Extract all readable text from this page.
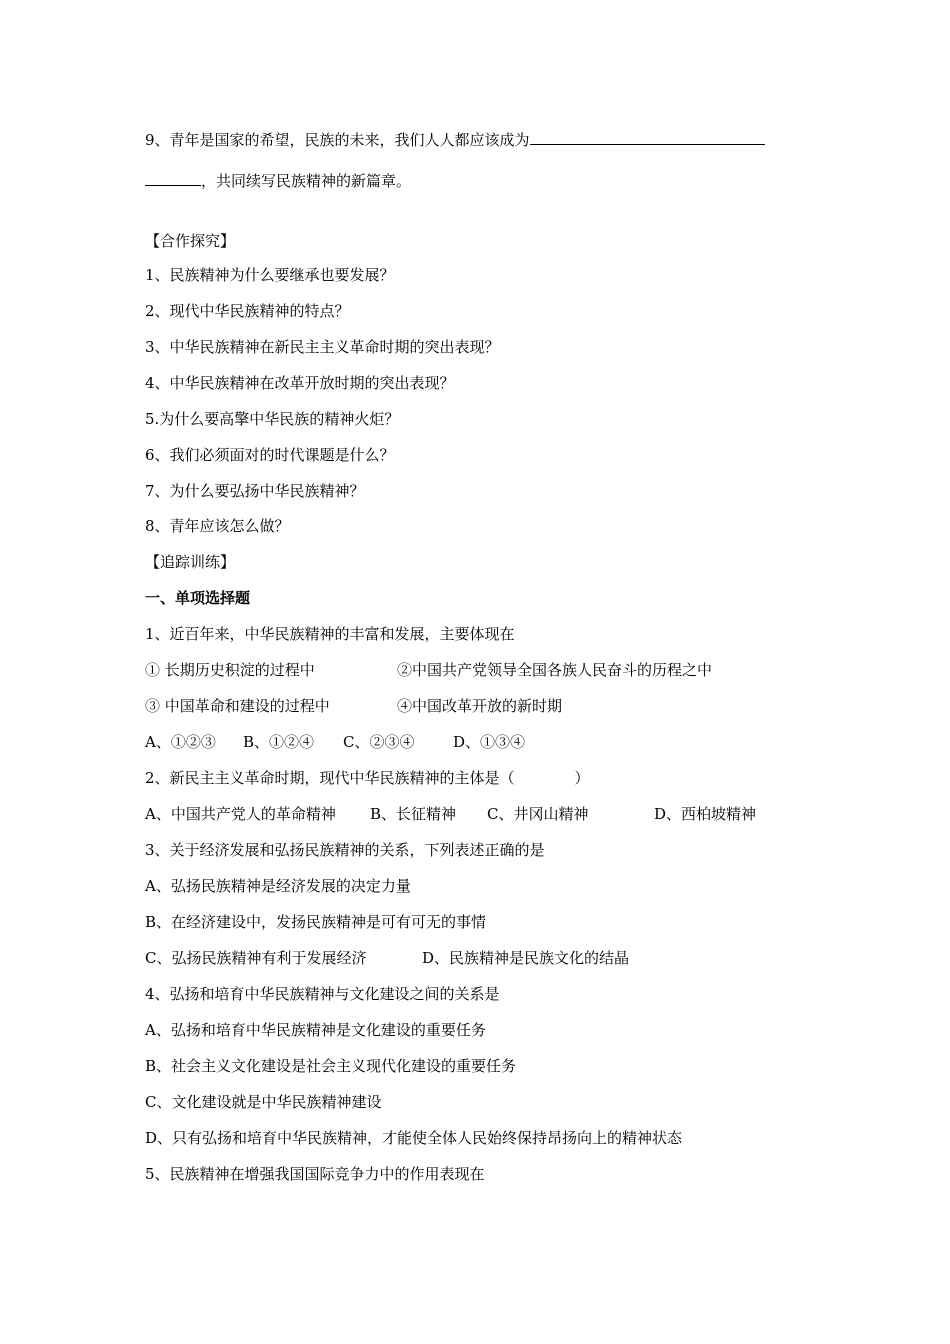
9、青年是国家的希望，民族的未来，我们人人都应该成为
，共同续写民族精神的新篇章。
【合作探究】
1、民族精神为什么要继承也要发展？
2、现代中华民族精神的特点？
3、中华民族精神在新民主主义革命时期的突出表现？
4、中华民族精神在改革开放时期的突出表现？
5.为什么要高擎中华民族的精神火炬？
6、我们必须面对的时代课题是什么？
7、为什么要弘扬中华民族精神？
8、青年应该怎么做？
【追踪训练】
一、单项选择题
1、近百年来，中华民族精神的丰富和发展，主要体现在
① 长期历史积淀的过程中	②中国共产党领导全国各族人民奋斗的历程之中
③ 中国革命和建设的过程中	④中国改革开放的新时期
A、①②③ B、①②④ C、②③④	D、①③④
2、新民主主义革命时期，现代中华民族精神的主体是（	）
A、中国共产党人的革命精神 B、长征精神 C、井冈山精神	D、西柏坡精神
3、关于经济发展和弘扬民族精神的关系，下列表述正确的是
A、弘扬民族精神是经济发展的决定力量
B、在经济建设中，发扬民族精神是可有可无的事情
C、弘扬民族精神有利于发展经济	D、民族精神是民族文化的结晶
4、弘扬和培育中华民族精神与文化建设之间的关系是
A、弘扬和培育中华民族精神是文化建设的重要任务
B、社会主义文化建设是社会主义现代化建设的重要任务
C、文化建设就是中华民族精神建设
D、只有弘扬和培育中华民族精神，才能使全体人民始终保持昂扬向上的精神状态
5、民族精神在增强我国国际竞争力中的作用表现在
